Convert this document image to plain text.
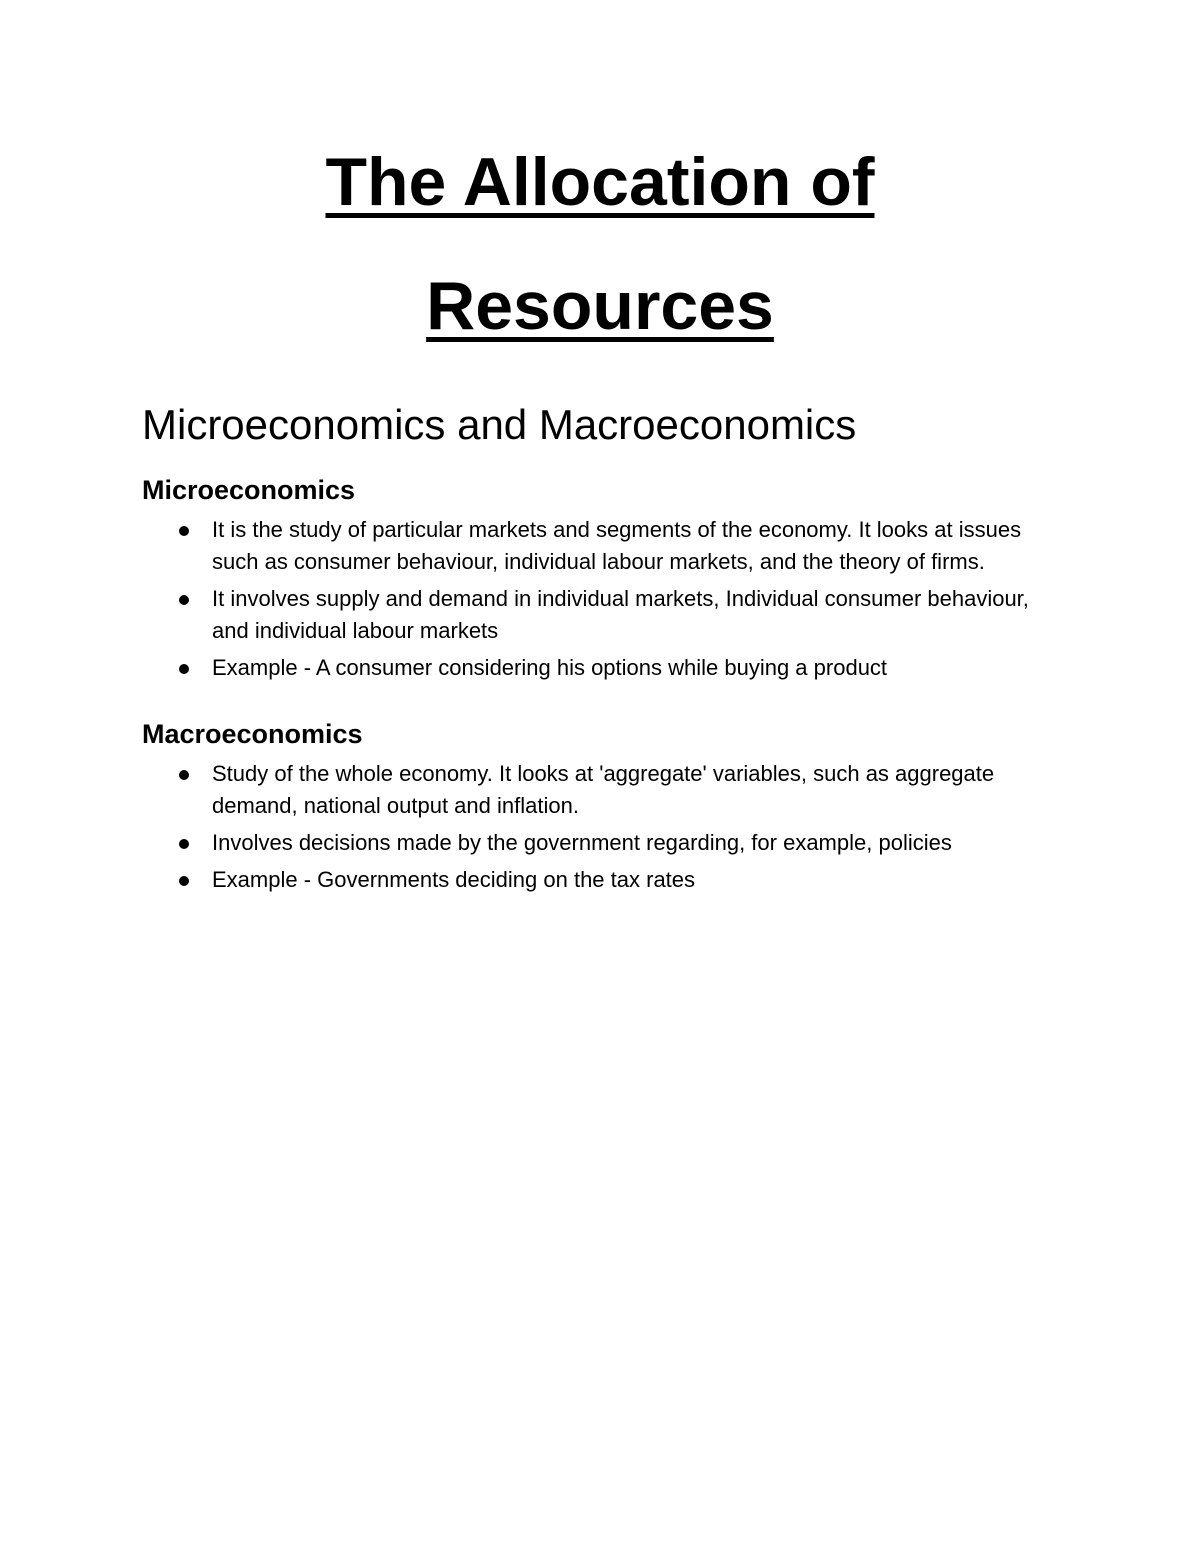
The Allocation of
Resources
Microeconomics and Macroeconomics
Microeconomics
It is the study of particular markets and segments of the economy. It looks at issues such as consumer behaviour, individual labour markets, and the theory of firms.
It involves supply and demand in individual markets, Individual consumer behaviour, and individual labour markets
Example - A consumer considering his options while buying a product
Macroeconomics
Study of the whole economy. It looks at 'aggregate' variables, such as aggregate demand, national output and inflation.
Involves decisions made by the government regarding, for example, policies
Example - Governments deciding on the tax rates
